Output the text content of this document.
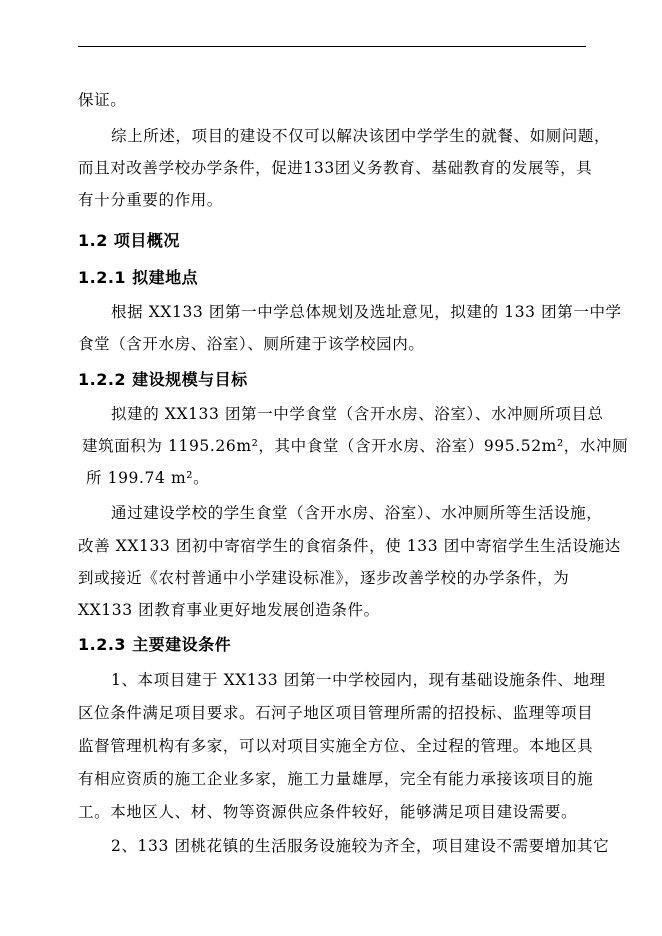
保证。
综上所述，项目的建设不仅可以解决该团中学学生的就餐、如厕问题，
而且对改善学校办学条件，促进133团义务教育、基础教育的发展等，具
有十分重要的作用。
1.2 项目概况
1.2.1 拟建地点
根据 XX133 团第一中学总体规划及选址意见，拟建的 133 团第一中学
食堂（含开水房、浴室）、厕所建于该学校园内。
1.2.2 建设规模与目标
拟建的 XX133 团第一中学食堂（含开水房、浴室）、水冲厕所项目总
建筑面积为 1195.26m²，其中食堂（含开水房、浴室）995.52m²，水冲厕
所 199.74 m²。
通过建设学校的学生食堂（含开水房、浴室）、水冲厕所等生活设施，
改善 XX133 团初中寄宿学生的食宿条件，使 133 团中寄宿学生生活设施达
到或接近《农村普通中小学建设标准》，逐步改善学校的办学条件，为
XX133 团教育事业更好地发展创造条件。
1.2.3 主要建设条件
1、本项目建于 XX133 团第一中学校园内，现有基础设施条件、地理
区位条件满足项目要求。石河子地区项目管理所需的招投标、监理等项目
监督管理机构有多家，可以对项目实施全方位、全过程的管理。本地区具
有相应资质的施工企业多家，施工力量雄厚，完全有能力承接该项目的施
工。本地区人、材、物等资源供应条件较好，能够满足项目建设需要。
2、133 团桃花镇的生活服务设施较为齐全，项目建设不需要增加其它
